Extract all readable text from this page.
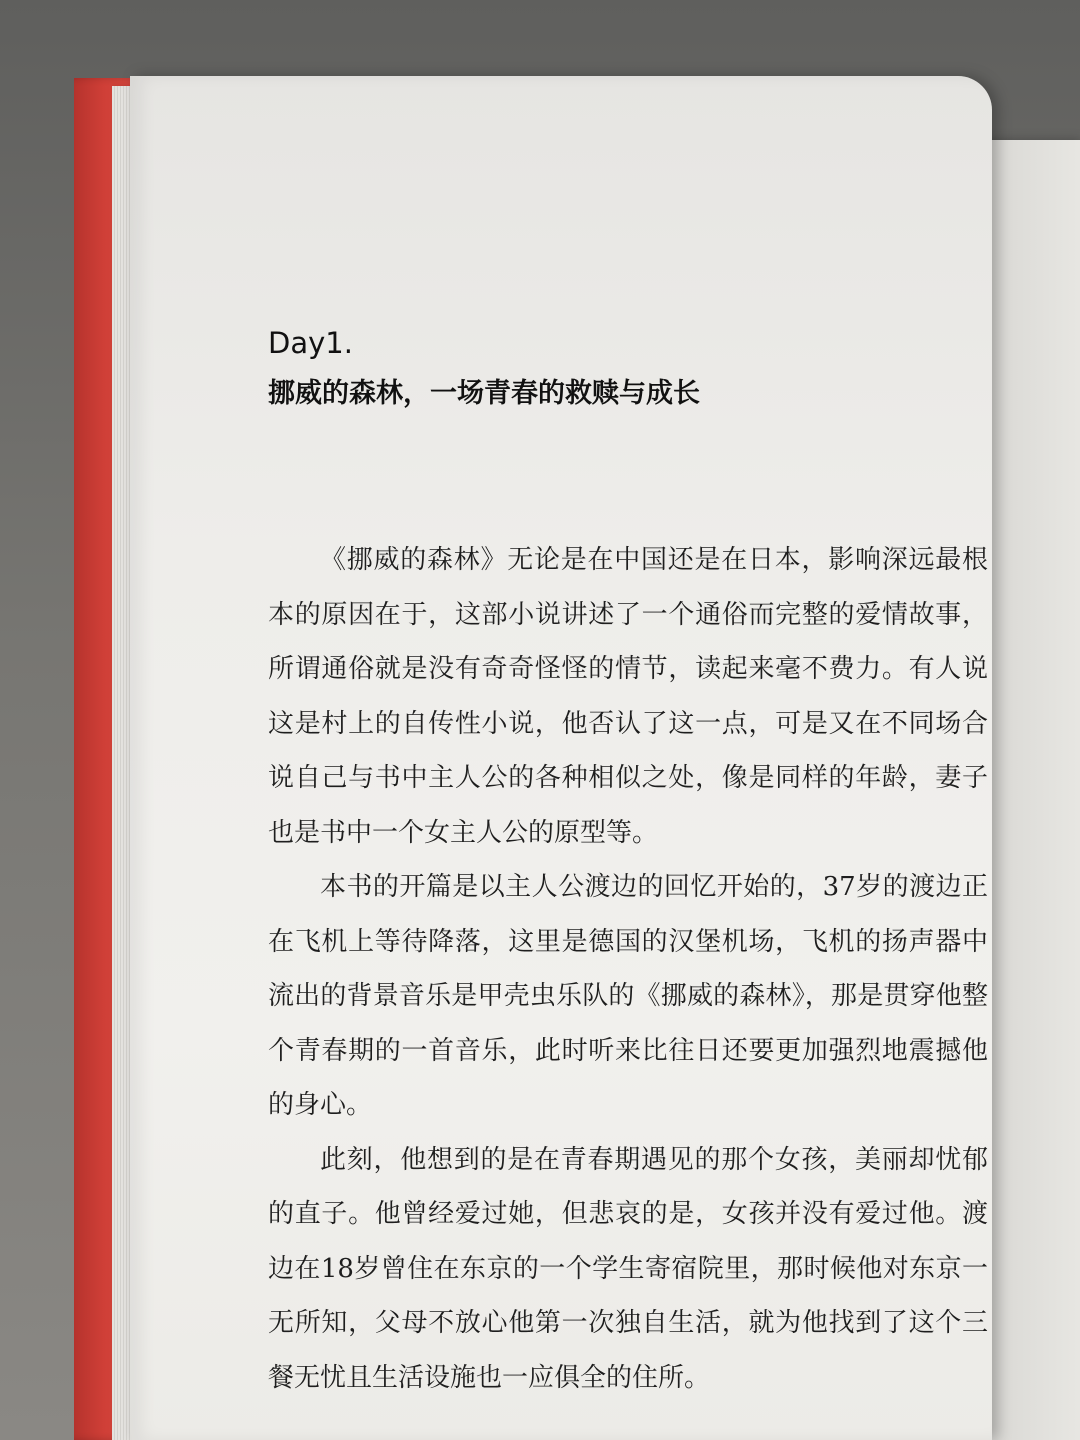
Day1.
挪威的森林，一场青春的救赎与成长

《挪威的森林》无论是在中国还是在日本，影响深远最根本的原因在于，这部小说讲述了一个通俗而完整的爱情故事，所谓通俗就是没有奇奇怪怪的情节，读起来毫不费力。有人说这是村上的自传性小说，他否认了这一点，可是又在不同场合说自己与书中主人公的各种相似之处，像是同样的年龄，妻子也是书中一个女主人公的原型等。

本书的开篇是以主人公渡边的回忆开始的，37岁的渡边正在飞机上等待降落，这里是德国的汉堡机场，飞机的扬声器中流出的背景音乐是甲壳虫乐队的《挪威的森林》，那是贯穿他整个青春期的一首音乐，此时听来比往日还要更加强烈地震撼他的身心。

此刻，他想到的是在青春期遇见的那个女孩，美丽却忧郁的直子。他曾经爱过她，但悲哀的是，女孩并没有爱过他。渡边在18岁曾住在东京的一个学生寄宿院里，那时候他对东京一无所知，父母不放心他第一次独自生活，就为他找到了这个三餐无忧且生活设施也一应俱全的住所。
